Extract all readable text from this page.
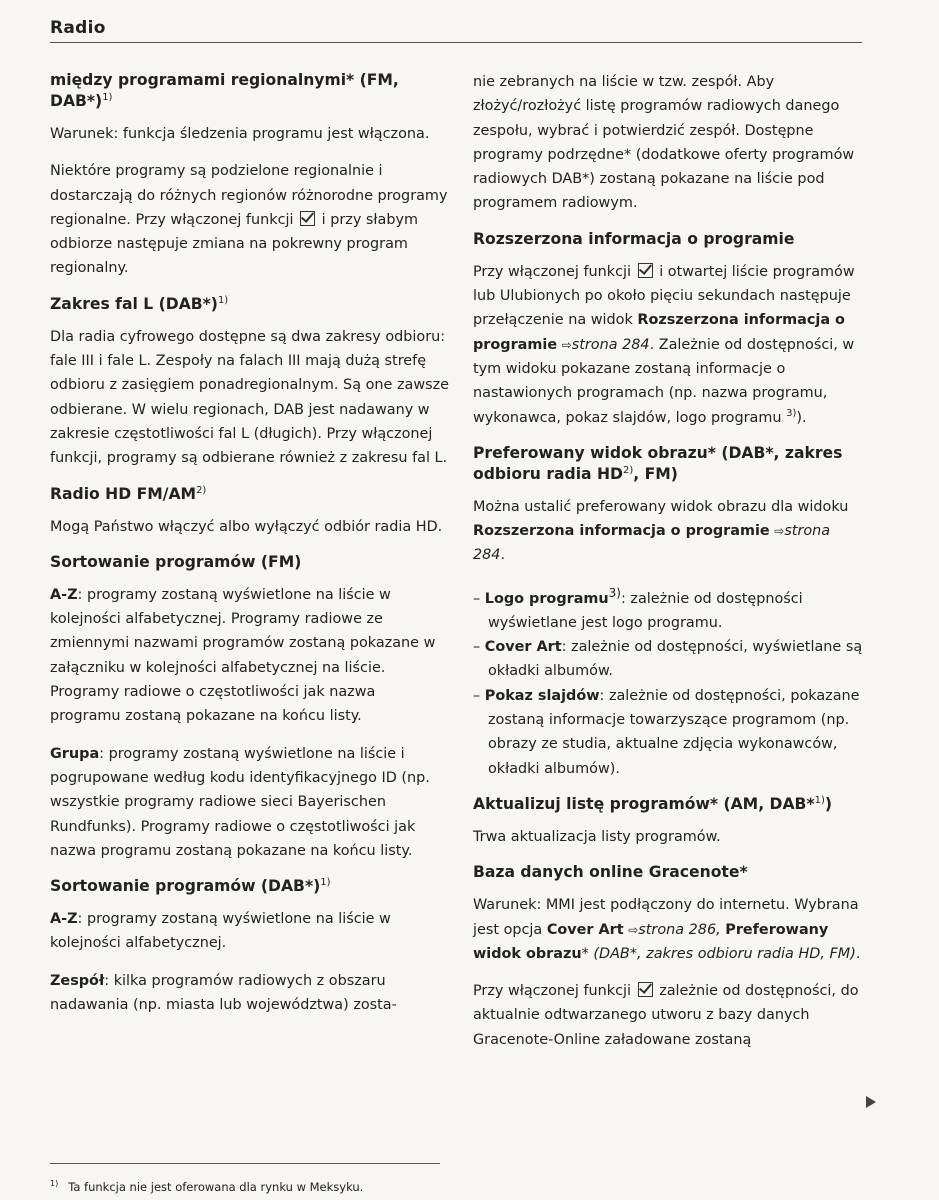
Radio
między programami regionalnymi* (FM, DAB*)$^{1)}$

Warunek: funkcja śledzenia programu jest włączona.

Niektóre programy są podzielone regionalnie i dostarczają do różnych regionów różnorodne programy regionalne. Przy włączonej funkcji i przy słabym odbiorze następuje zmiana na pokrewny program regionalny.

Zakres fal L $(DAB*)^{1)}$

Dla radia cyfrowego dostępne są dwa zakresy odbioru: fale III i fale L. Zespoły na falach III mają dużą strefę odbioru z zasięgiem ponadregionalnym. Są one zawsze odbierane. W wielu regionach, DAB jest nadawany w zakresie częstotliwości fal L (długich). Przy włączonej funkcji, programy są odbierane również z zakresu fal L.

Radio HD FM/AM$^{2)}$

Mogą Państwo włączyć albo wyłączyć odbiór radia HD.

Sortowanie programów (FM)

A-Z: programy zostaną wyświetlone na liście w kolejności alfabetycznej. Programy radiowe ze zmiennymi nazwami programów zostaną pokazane w załączniku w kolejności alfabetycznej na liście. Programy radiowe o częstotliwości jak nazwa programu zostaną pokazane na końcu listy.

Grupa: programy zostaną wyświetlone na liście i pogrupowane według kodu identyfikacyjnego ID (np. wszystkie programy radiowe sieci Bayerischen Rundfunks). Programy radiowe o częstotliwości jak nazwa programu zostaną pokazane na końcu listy.

Sortowanie programów $(DAB*)^{1)}$

A-Z: programy zostaną wyświetlone na liście w kolejności alfabetycznej.

Zespół: kilka programów radiowych z obszaru nadawania (np. miasta lub województwa) zosta-

nie zebranych na liście w tzw. zespół. Aby złożyć/rozłożyć listę programów radiowych danego zespołu, wybrać i potwierdzić zespół. Dostępne programy podrzędne* (dodatkowe oferty programów radiowych DAB*) zostaną pokazane na liście pod programem radiowym.

Rozszerzona informacja o programie

Przy włączonej funkcji i otwartej liście programów lub Ulubionych po około pięciu sekundach następuje przełączenie na widok Rozszerzona informacja o programie ⇨strona 284. Zależnie od dostępności, w tym widoku pokazane zostaną informacje o nastawionych programach (np. nazwa programu, wykonawca, pokaz slajdów, logo programu $^{3)}$).

Preferowany widok obrazu* (DAB*, zakres odbioru radia HD$^{2)}$, FM)

Można ustalić preferowany widok obrazu dla widoku Rozszerzona informacja o programie ⇨strona 284.

– Logo programu$^{3)}$: zależnie od dostępności wyświetlane jest logo programu.
– Cover Art: zależnie od dostępności, wyświetlane są okładki albumów.
– Pokaz slajdów: zależnie od dostępności, pokazane zostaną informacje towarzyszące programom (np. obrazy ze studia, aktualne zdjęcia wykonawców, okładki albumów).
Aktualizuj listę programów* (AM, DAB*$^{1)}$)

Trwa aktualizacja listy programów.

Baza danych online Gracenote*

Warunek: MMI jest podłączony do internetu. Wybrana jest opcja Cover Art ⇨strona 286, Preferowany widok obrazu* (DAB*, zakres odbioru radia HD, FM).

Przy włączonej funkcji zależnie od dostępności, do aktualnie odtwarzanego utworu z bazy danych Gracenote-Online załadowane zostaną

$^{1)}$ Ta funkcja nie jest oferowana dla rynku w Meksyku.
